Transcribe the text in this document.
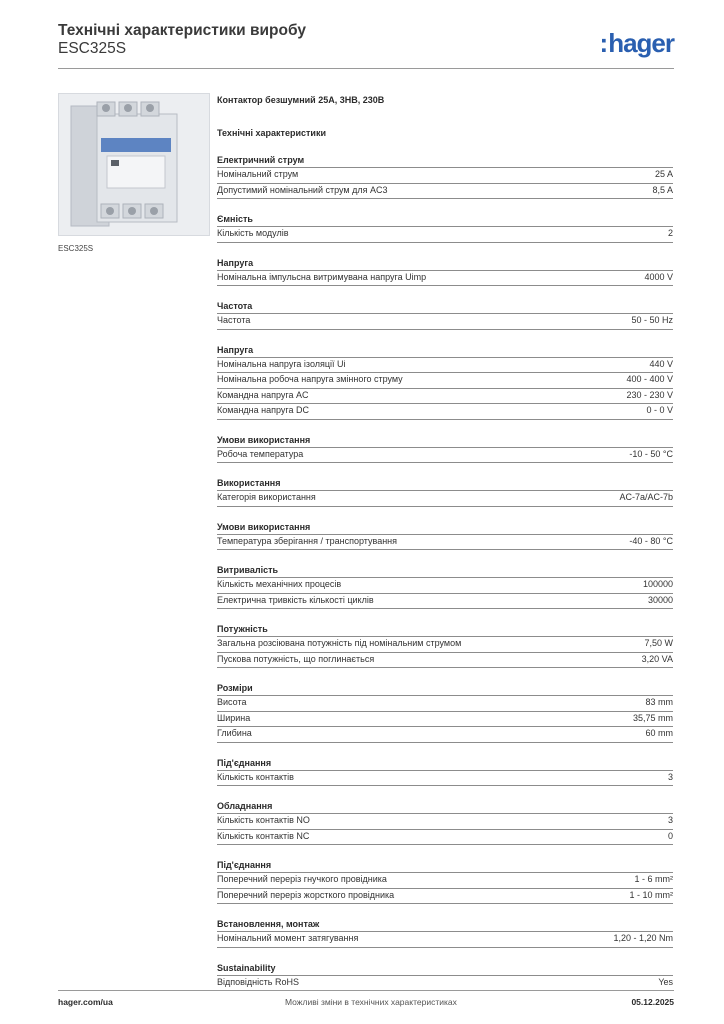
Технічні характеристики виробу
ESC325S	:hager
ESC325S
Контактор безшумний 25А, 3НВ, 230В
Технічні характеристики
Електричний струм
Номінальний струм	25 A
Допустимий номінальний струм для AC3	8,5 A
Ємність
Кількість модулів	2
Напруга
Номінальна імпульсна витримувана напруга Uimp	4000 V
Частота
Частота	50 - 50 Hz
Напруга
Номінальна напруга ізоляції Ui	440 V
Номінальна робоча напруга змінного струму	400 - 400 V
Командна напруга AC	230 - 230 V
Командна напруга DC	0 - 0 V
Умови використання
Робоча температура	-10 - 50 °C
Використання
Категорія використання	AC-7a/AC-7b
Умови використання
Температура зберігання / транспортування	-40 - 80 °C
Витривалість
Кількість механічних процесів	100000
Електрична тривкість кількості циклів	30000
Потужність
Загальна розсіювана потужність під номінальним струмом	7,50 W
Пускова потужність, що поглинається	3,20 VA
Розміри
Висота	83 mm
Ширина	35,75 mm
Глибина	60 mm
Під'єднання
Кількість контактів	3
Обладнання
Кількість контактів NO	3
Кількість контактів NC	0
Під'єднання
Поперечний переріз гнучкого провідника	1 - 6 mm²
Поперечний переріз жорсткого провідника	1 - 10 mm²
Встановлення, монтаж
Номінальний момент затягування	1,20 - 1,20 Nm
Sustainability
Відповідність RoHS	Yes
hager.com/ua	Можливі зміни в технічних характеристиках	05.12.2025
